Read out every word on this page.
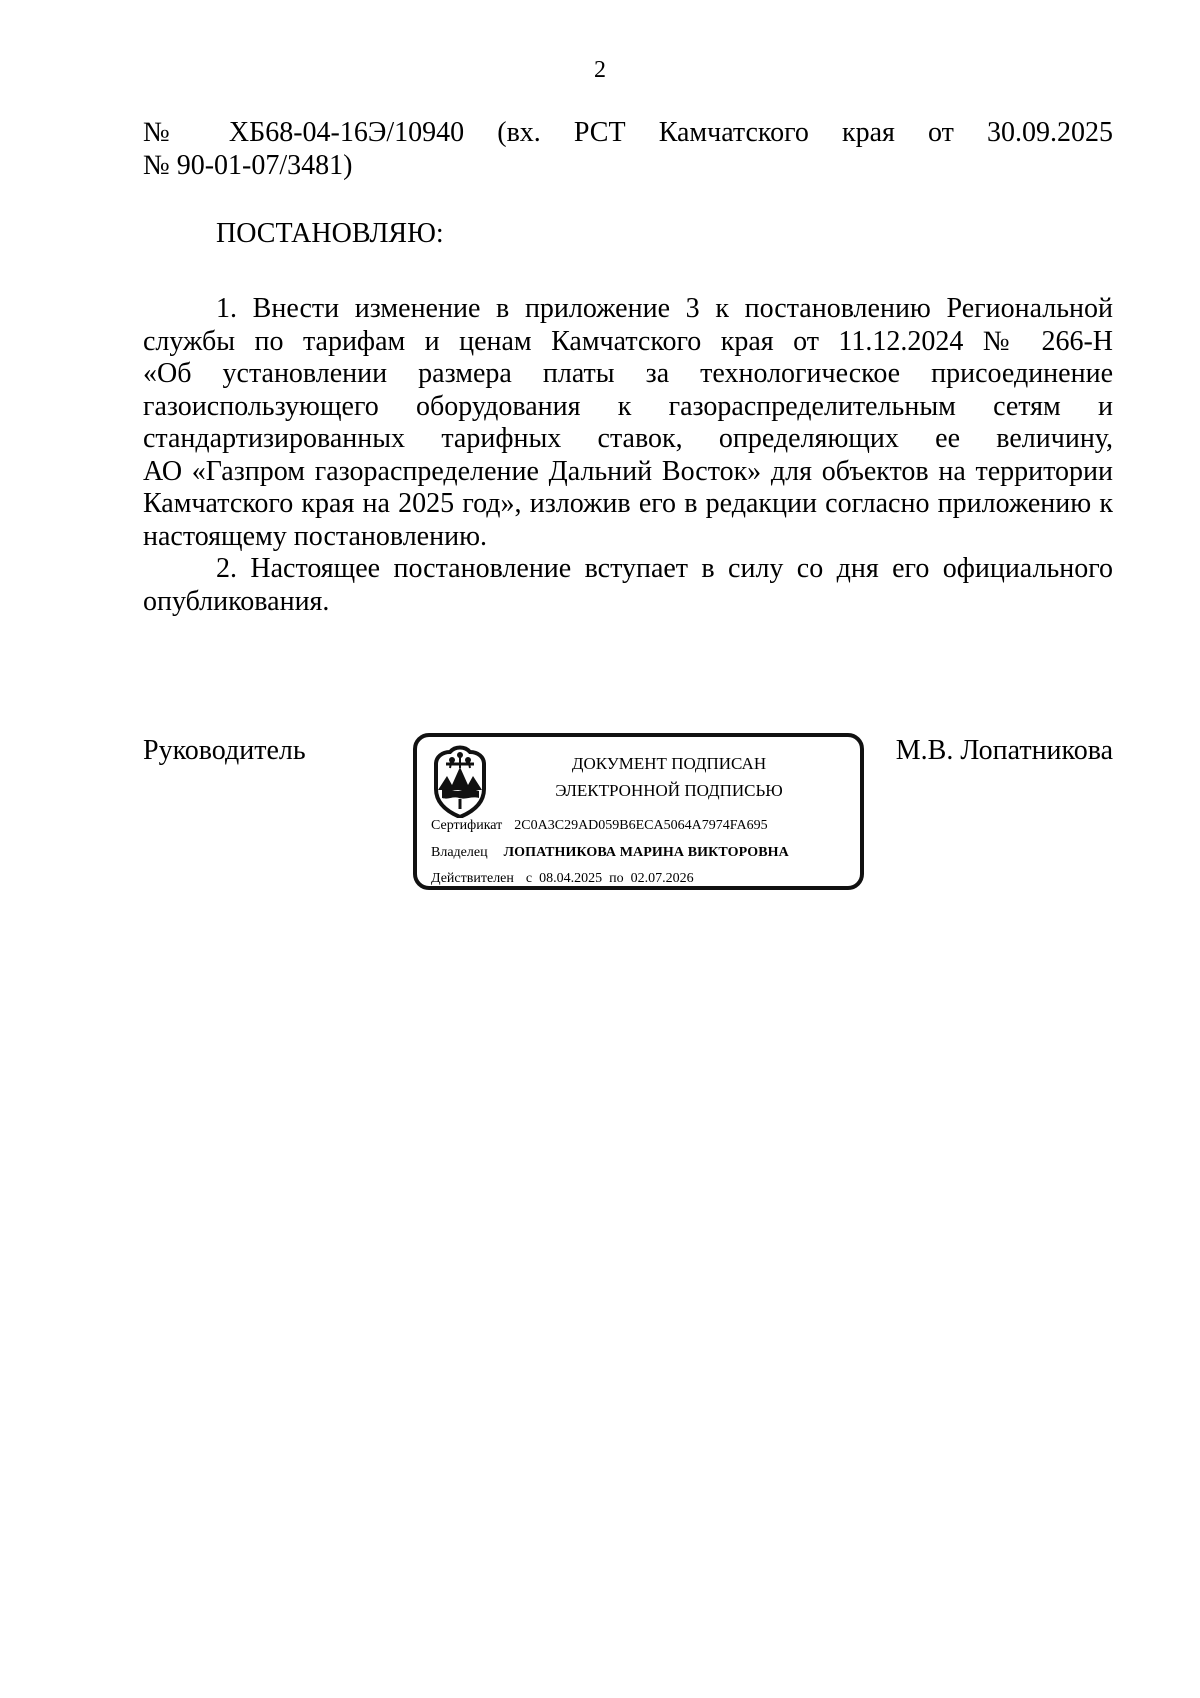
2
№ ХБ68-04-16Э/10940 (вх. РСТ Камчатского края от 30.09.2025
№ 90-01-07/3481)
ПОСТАНОВЛЯЮ:
1. Внести изменение в приложение 3 к постановлению Региональной
службы по тарифам и ценам Камчатского края от 11.12.2024 № 266-Н
«Об установлении размера платы за технологическое присоединение
газоиспользующего оборудования к газораспределительным сетям и
стандартизированных тарифных ставок, определяющих ее величину,
АО «Газпром газораспределение Дальний Восток» для объектов на территории
Камчатского края на 2025 год», изложив его в редакции согласно приложению к
настоящему постановлению.
2. Настоящее постановление вступает в силу со дня его официального
опубликования.
Руководитель	ДОКУМЕНТ ПОДПИСАН
ЭЛЕКТРОННОЙ ПОДПИСЬЮ
Сертификат 2C0A3C29AD059B6ECA5064A7974FA695
Владелец ЛОПАТНИКОВА МАРИНА ВИКТОРОВНА
Действителен с 08.04.2025 по 02.07.2026
М.В. Лопатникова
